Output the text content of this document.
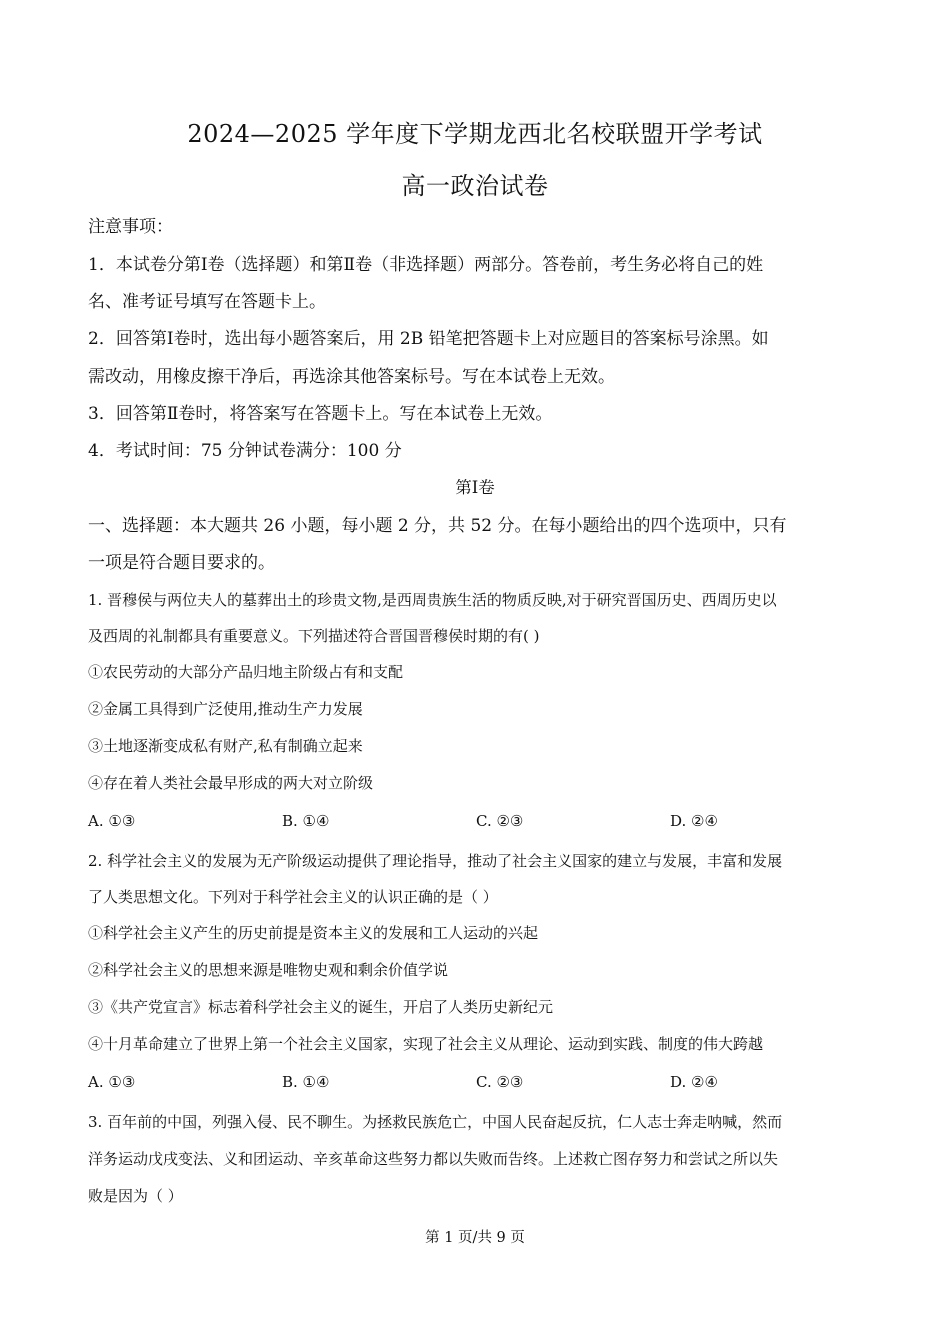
2024—2025 学年度下学期龙西北名校联盟开学考试
高一政治试卷
注意事项：
1．本试卷分第Ⅰ卷（选择题）和第Ⅱ卷（非选择题）两部分。答卷前，考生务必将自己的姓
名、准考证号填写在答题卡上。
2．回答第Ⅰ卷时，选出每小题答案后，用 2B 铅笔把答题卡上对应题目的答案标号涂黑。如
需改动，用橡皮擦干净后，再选涂其他答案标号。写在本试卷上无效。
3．回答第Ⅱ卷时，将答案写在答题卡上。写在本试卷上无效。
4．考试时间：75 分钟试卷满分：100 分
第Ⅰ卷
一、选择题：本大题共 26 小题，每小题 2 分，共 52 分。在每小题给出的四个选项中，只有
一项是符合题目要求的。
1. 晋穆侯与两位夫人的墓葬出土的珍贵文物,是西周贵族生活的物质反映,对于研究晋国历史、西周历史以
及西周的礼制都具有重要意义。下列描述符合晋国晋穆侯时期的有( )
①农民劳动的大部分产品归地主阶级占有和支配
②金属工具得到广泛使用,推动生产力发展
③土地逐渐变成私有财产,私有制确立起来
④存在着人类社会最早形成的两大对立阶级
A. ①③	B. ①④	C. ②③	D. ②④
2. 科学社会主义的发展为无产阶级运动提供了理论指导，推动了社会主义国家的建立与发展，丰富和发展
了人类思想文化。下列对于科学社会主义的认识正确的是（ ）
①科学社会主义产生的历史前提是资本主义的发展和工人运动的兴起
②科学社会主义的思想来源是唯物史观和剩余价值学说
③《共产党宣言》标志着科学社会主义的诞生，开启了人类历史新纪元
④十月革命建立了世界上第一个社会主义国家，实现了社会主义从理论、运动到实践、制度的伟大跨越
A. ①③	B. ①④	C. ②③	D. ②④
3. 百年前的中国，列强入侵、民不聊生。为拯救民族危亡，中国人民奋起反抗，仁人志士奔走呐喊，然而
洋务运动戊戌变法、义和团运动、辛亥革命这些努力都以失败而告终。上述救亡图存努力和尝试之所以失
败是因为（ ）
第 1 页/共 9 页
